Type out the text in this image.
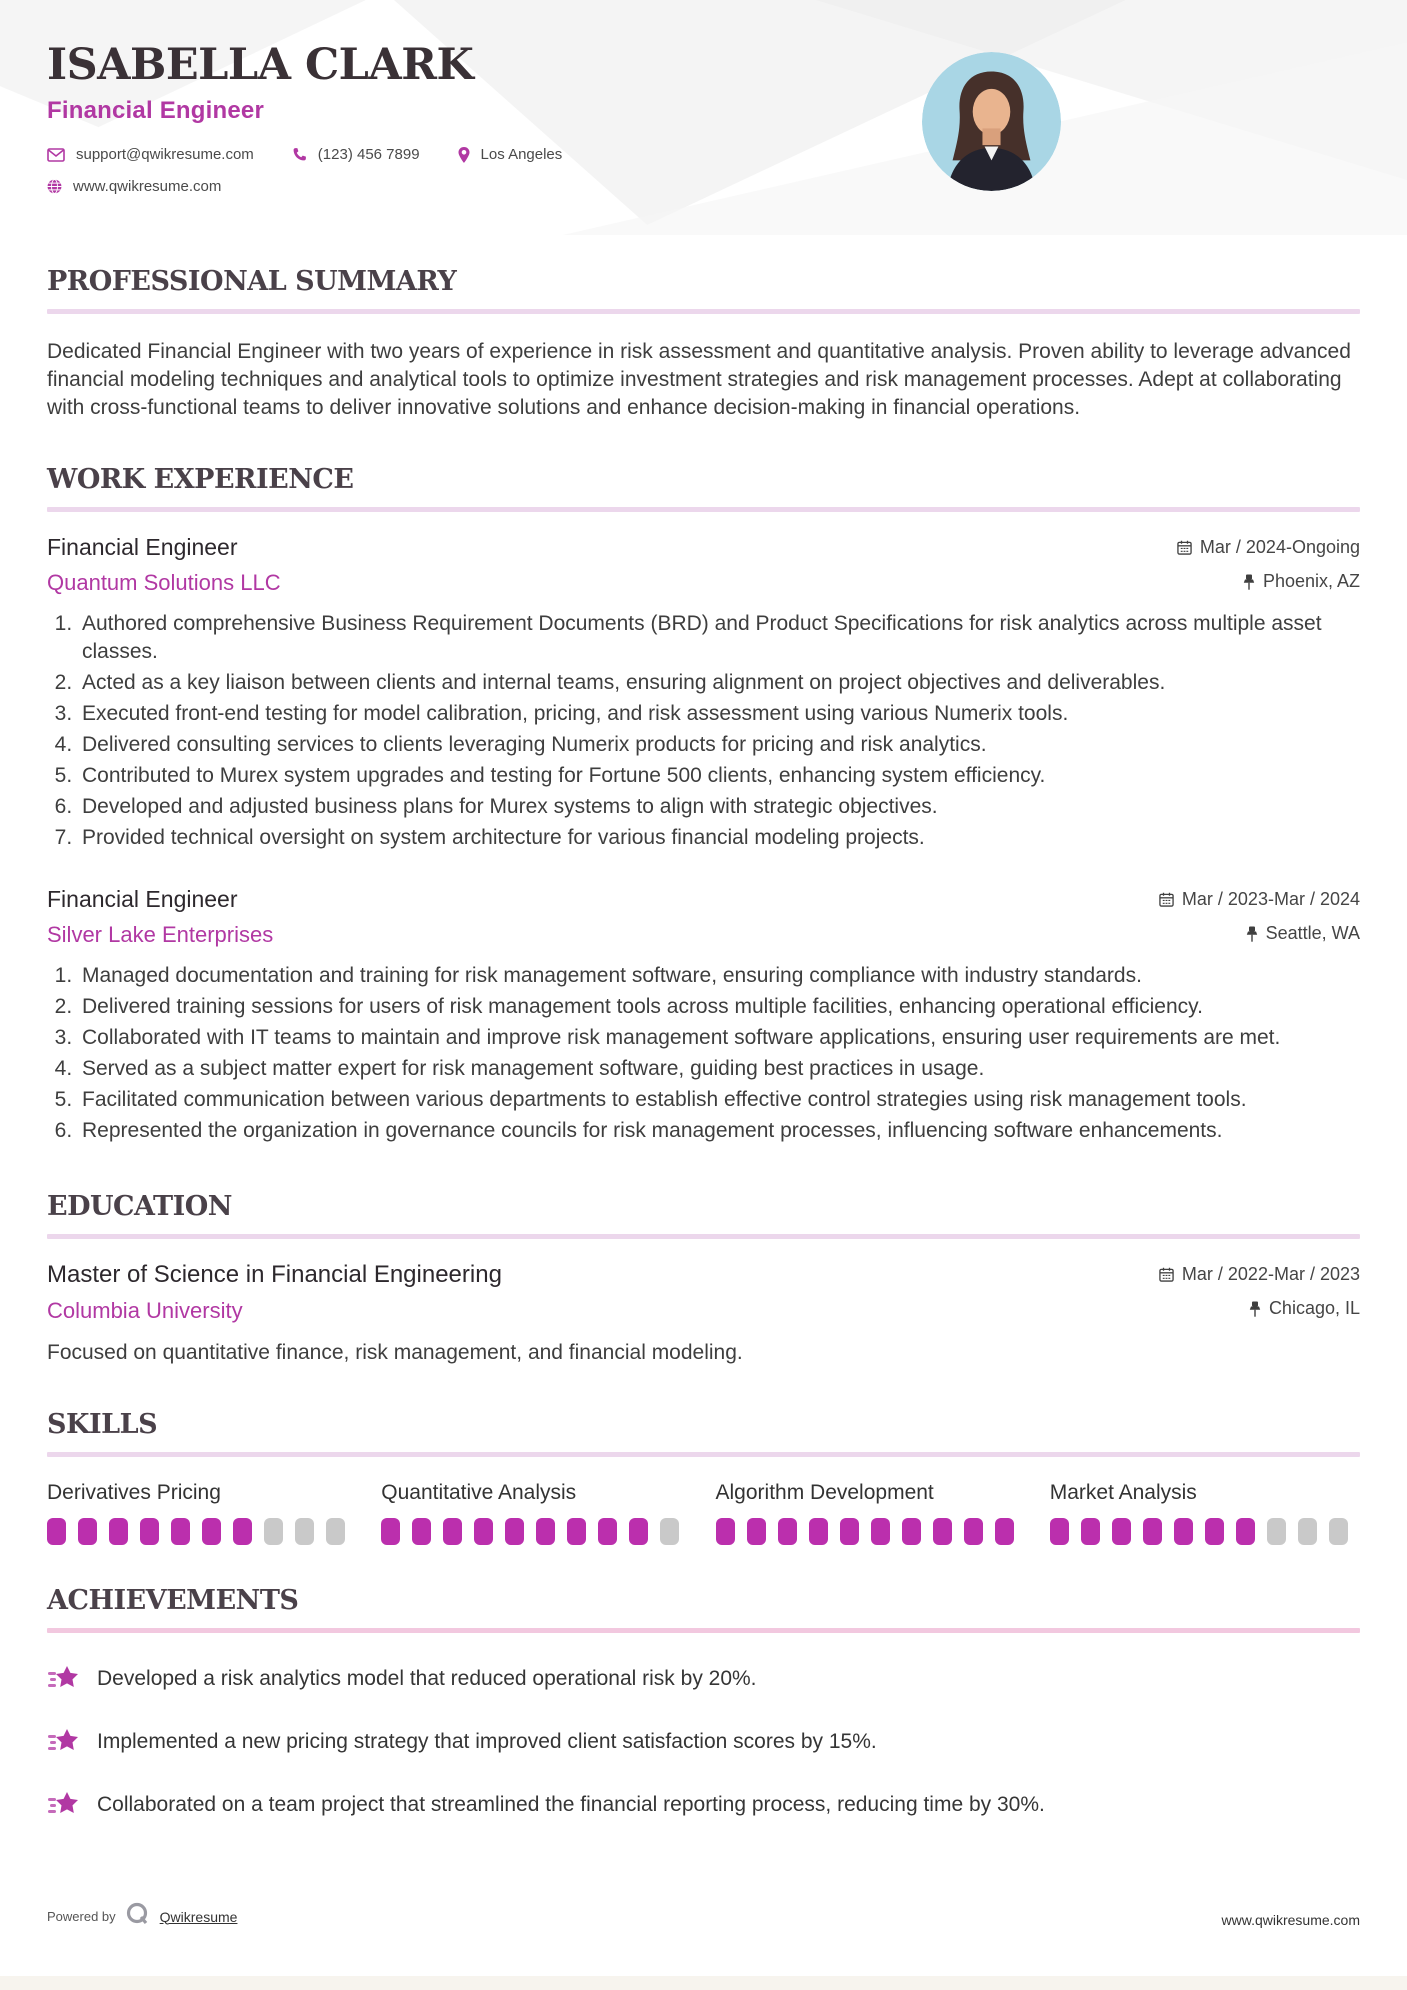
ISABELLA CLARK
Financial Engineer
support@qwikresume.com	(123) 456 7899	Los Angeles
www.qwikresume.com
PROFESSIONAL SUMMARY

Dedicated Financial Engineer with two years of experience in risk assessment and quantitative analysis. Proven ability to leverage advanced financial modeling techniques and analytical tools to optimize investment strategies and risk management processes. Adept at collaborating with cross-functional teams to deliver innovative solutions and enhance decision-making in financial operations.

WORK EXPERIENCE
Financial Engineer
Quantum Solutions LLC
Mar / 2024-Ongoing
Phoenix, AZ
1. Authored comprehensive Business Requirement Documents (BRD) and Product Specifications for risk analytics across multiple asset classes.
2. Acted as a key liaison between clients and internal teams, ensuring alignment on project objectives and deliverables.
3. Executed front-end testing for model calibration, pricing, and risk assessment using various Numerix tools.
4. Delivered consulting services to clients leveraging Numerix products for pricing and risk analytics.
5. Contributed to Murex system upgrades and testing for Fortune 500 clients, enhancing system efficiency.
6. Developed and adjusted business plans for Murex systems to align with strategic objectives.
7. Provided technical oversight on system architecture for various financial modeling projects.
Financial Engineer
Silver Lake Enterprises
Mar / 2023-Mar / 2024
Seattle, WA
1. Managed documentation and training for risk management software, ensuring compliance with industry standards.
2. Delivered training sessions for users of risk management tools across multiple facilities, enhancing operational efficiency.
3. Collaborated with IT teams to maintain and improve risk management software applications, ensuring user requirements are met.
4. Served as a subject matter expert for risk management software, guiding best practices in usage.
5. Facilitated communication between various departments to establish effective control strategies using risk management tools.
6. Represented the organization in governance councils for risk management processes, influencing software enhancements.
EDUCATION
Master of Science in Financial Engineering
Columbia University
Mar / 2022-Mar / 2023
Chicago, IL

Focused on quantitative finance, risk management, and financial modeling.

SKILLS
Derivatives Pricing	Quantitative Analysis	Algorithm Development	Market Analysis
ACHIEVEMENTS
Developed a risk analytics model that reduced operational risk by 20%.
Implemented a new pricing strategy that improved client satisfaction scores by 15%.
Collaborated on a team project that streamlined the financial reporting process, reducing time by 30%.
Powered by	Qwikresume	www.qwikresume.com
